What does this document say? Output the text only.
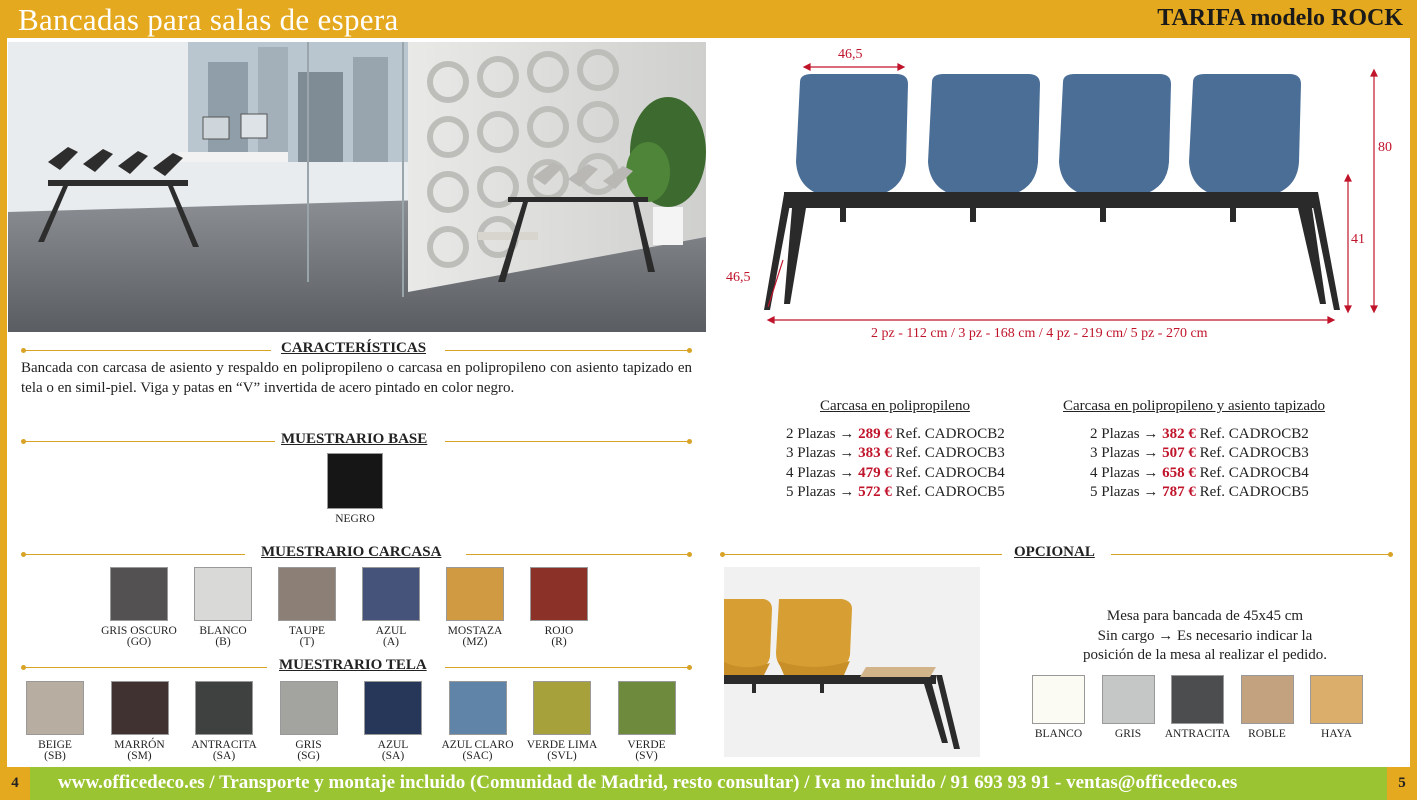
Bancadas para salas de espera	TARIFA modelo ROCK
CARACTERÍSTICAS
Bancada con carcasa de asiento y respaldo en polipropileno o carcasa en polipropileno con asiento tapizado en tela o en simil-piel. Viga y patas en “V” invertida de acero pintado en color negro.
MUESTRARIO BASE
NEGRO
MUESTRARIO CARCASA
GRIS OSCURO
(GO)
BLANCO
(B)
TAUPE
(T)
AZUL
(A)
MOSTAZA
(MZ)
ROJO
(R)
MUESTRARIO TELA
BEIGE
(SB)
MARRÓN
(SM)
ANTRACITA
(SA)
GRIS
(SG)
AZUL
(SA)
AZUL CLARO
(SAC)
VERDE LIMA
(SVL)
VERDE
(SV)
46,5
80
41
46,5
2 pz - 112 cm / 3 pz - 168 cm / 4 pz - 219 cm/ 5 pz - 270 cm
Carcasa en polipropileno
2 Plazas → 289 € Ref. CADROCB2
3 Plazas → 383 € Ref. CADROCB3
4 Plazas → 479 € Ref. CADROCB4
5 Plazas → 572 € Ref. CADROCB5
Carcasa en polipropileno y asiento tapizado
2 Plazas → 382 € Ref. CADROCB2
3 Plazas → 507 € Ref. CADROCB3
4 Plazas → 658 € Ref. CADROCB4
5 Plazas → 787 € Ref. CADROCB5
OPCIONAL
Mesa para bancada de 45x45 cm
Sin cargo → Es necesario indicar la
posición de la mesa al realizar el pedido.
BLANCO	GRIS	ANTRACITA	ROBLE	HAYA
4	www.officedeco.es / Transporte y montaje incluido (Comunidad de Madrid, resto consultar) / Iva no incluido / 91 693 93 91 - ventas@officedeco.es	5
